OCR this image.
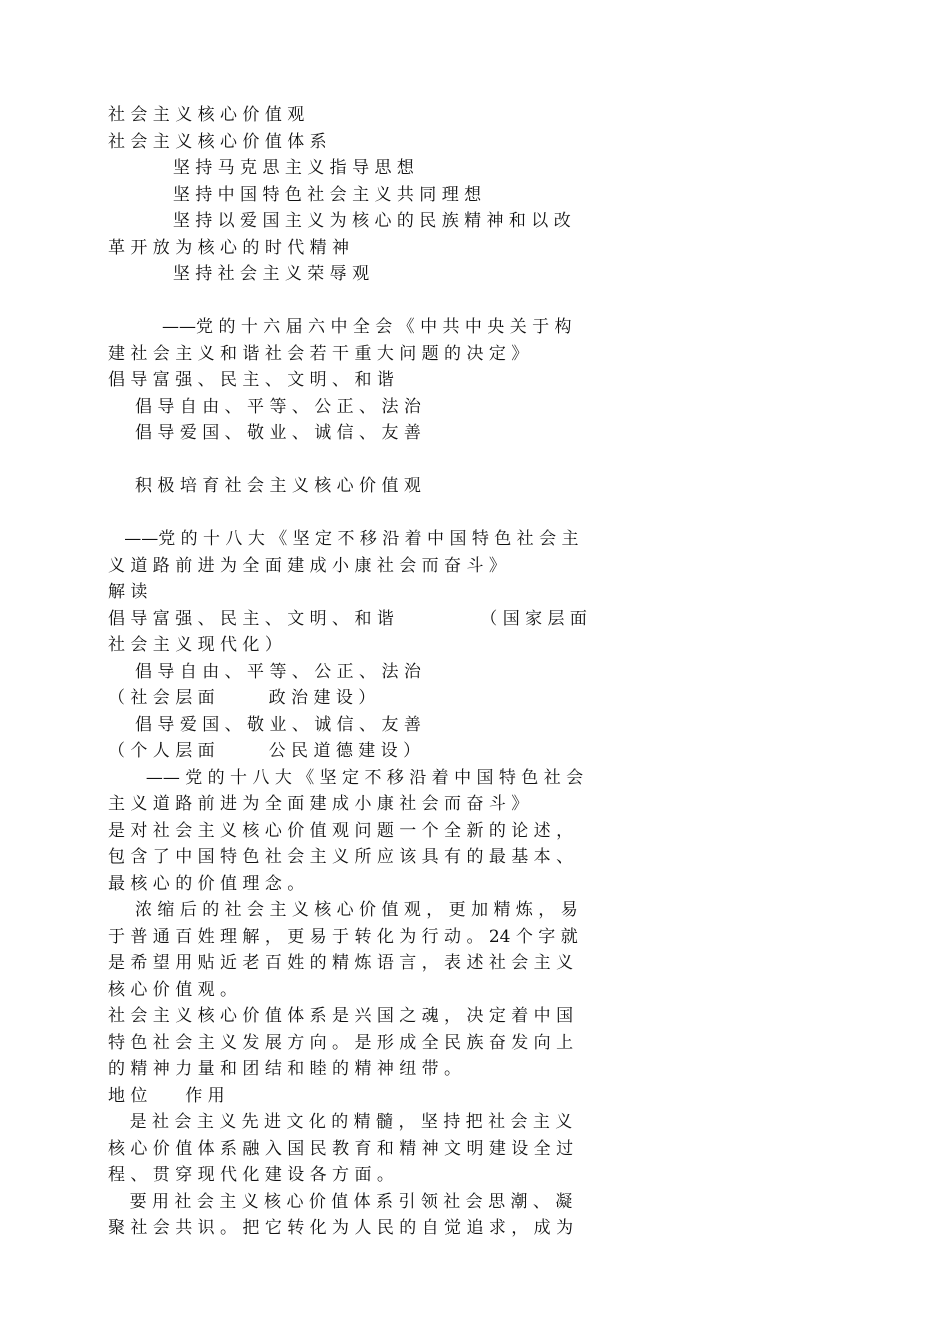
社 会 主 义 核 心 价 值 观
社 会 主 义 核 心 价 值 体 系
坚 持 马 克 思 主 义 指 导 思 想
坚 持 中 国 特 色 社 会 主 义 共 同 理 想
坚 持 以 爱 国 主 义 为 核 心 的 民 族 精 神 和 以 改
革 开 放 为 核 心 的 时 代 精 神
坚 持 社 会 主 义 荣 辱 观
——党 的 十 六 届 六 中 全 会 《 中 共 中 央 关 于 构
建 社 会 主 义 和 谐 社 会 若 干 重 大 问 题 的 决 定 》
倡 导 富 强 、 民 主 、 文 明 、 和 谐
倡 导 自 由 、 平 等 、 公 正 、 法 治
倡 导 爱 国 、 敬 业 、 诚 信 、 友 善
积 极 培 育 社 会 主 义 核 心 价 值 观
——党 的 十 八 大 《 坚 定 不 移 沿 着 中 国 特 色 社 会 主
义 道 路 前 进 为 全 面 建 成 小 康 社 会 而 奋 斗 》
解 读
倡 导 富 强 、 民 主 、 文 明 、 和 谐                （ 国 家 层 面
社 会 主 义 现 代 化 ）
倡 导 自 由 、 平 等 、 公 正 、 法 治
（ 社 会 层 面          政 治 建 设 ）
倡 导 爱 国 、 敬 业 、 诚 信 、 友 善
（ 个 人 层 面          公 民 道 德 建 设 ）
—— 党 的 十 八 大 《 坚 定 不 移 沿 着 中 国 特 色 社 会
主 义 道 路 前 进 为 全 面 建 成 小 康 社 会 而 奋 斗 》
是 对 社 会 主 义 核 心 价 值 观 问 题 一 个 全 新 的 论 述 ，
包 含 了 中 国 特 色 社 会 主 义 所 应 该 具 有 的 最 基 本 、
最 核 心 的 价 值 理 念 。
浓 缩 后 的 社 会 主 义 核 心 价 值 观 ， 更 加 精 炼 ， 易
于 普 通 百 姓 理 解 ， 更 易 于 转 化 为 行 动 。 24 个 字 就
是 希 望 用 贴 近 老 百 姓 的 精 炼 语 言 ， 表 述 社 会 主 义
核 心 价 值 观 。
社 会 主 义 核 心 价 值 体 系 是 兴 国 之 魂 ， 决 定 着 中 国
特 色 社 会 主 义 发 展 方 向 。 是 形 成 全 民 族 奋 发 向 上
的 精 神 力 量 和 团 结 和 睦 的 精 神 纽 带 。
地 位       作 用
是 社 会 主 义 先 进 文 化 的 精 髓 ， 坚 持 把 社 会 主 义
核 心 价 值 体 系 融 入 国 民 教 育 和 精 神 文 明 建 设 全 过
程 、 贯 穿 现 代 化 建 设 各 方 面 。
要 用 社 会 主 义 核 心 价 值 体 系 引 领 社 会 思 潮 、 凝
聚 社 会 共 识 。 把 它 转 化 为 人 民 的 自 觉 追 求 ， 成 为
